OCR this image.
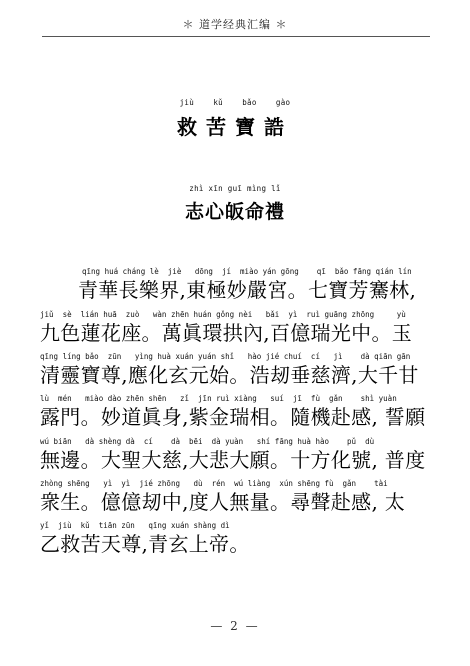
＊ 道学经典汇编 ＊
jiù    kǔ    bǎo    gào
救苦寶誥
zhì xīn guī mìng lǐ
志心皈命禮
qīng huá cháng lè  jiè   dōng  jí  miào yán gōng    qī  bǎo fāng qián lín
青華長樂界,東極妙嚴宮。七寶芳騫林,
jiǔ  sè  lián huā  zuò   wàn zhēn huán gǒng nèi   bǎi  yì  ruì guāng zhōng     yù
九色蓮花座。萬眞環拱內,百億瑞光中。玉
qīng líng bǎo  zūn   yìng huà xuán yuán shǐ   hào jié chuí  cí   jì    dà qiān gān
清靈寶尊,應化玄元始。浩刼垂慈濟,大千甘
lù  mén   miào dào zhēn shēn   zǐ  jīn ruì xiàng   suí  jī  fù  gǎn    shì yuàn
露門。妙道眞身,紫金瑞相。隨機赴感, 誓願
wú biān   dà shèng dà  cí    dà  bēi  dà yuàn   shí fāng huà hào    pǔ  dù
無邊。大聖大慈,大悲大願。十方化號, 普度
zhòng shēng   yì  yì  jié zhōng   dù  rén  wú liàng  xún shēng fù  gǎn    tài
衆生。億億刼中,度人無量。尋聲赴感, 太
yǐ  jiù  kǔ  tiān zūn   qīng xuán shàng dì
乙救苦天尊,青玄上帝。
— 2 —
